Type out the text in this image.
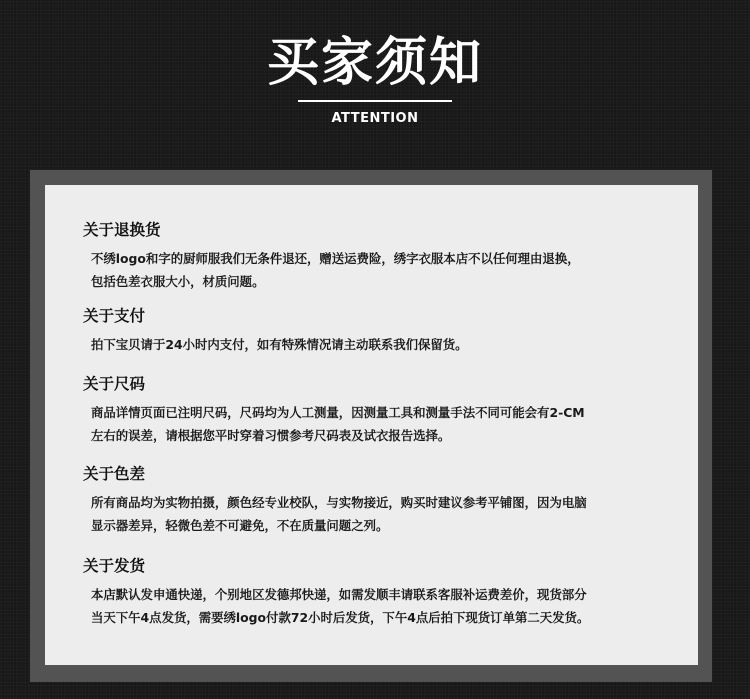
买家须知
ATTENTION
关于退换货
不绣logo和字的厨师服我们无条件退还，赠送运费险，绣字衣服本店不以任何理由退换，
包括色差衣服大小，材质问题。
关于支付
拍下宝贝请于24小时内支付，如有特殊情况请主动联系我们保留货。
关于尺码
商品详情页面已注明尺码，尺码均为人工测量，因测量工具和测量手法不同可能会有2-CM
左右的误差，请根据您平时穿着习惯参考尺码表及试衣报告选择。
关于色差
所有商品均为实物拍摄，颜色经专业校队，与实物接近，购买时建议参考平铺图，因为电脑
显示器差异，轻微色差不可避免，不在质量问题之列。
关于发货
本店默认发申通快递，个别地区发德邦快递，如需发顺丰请联系客服补运费差价，现货部分
当天下午4点发货，需要绣logo付款72小时后发货，下午4点后拍下现货订单第二天发货。
